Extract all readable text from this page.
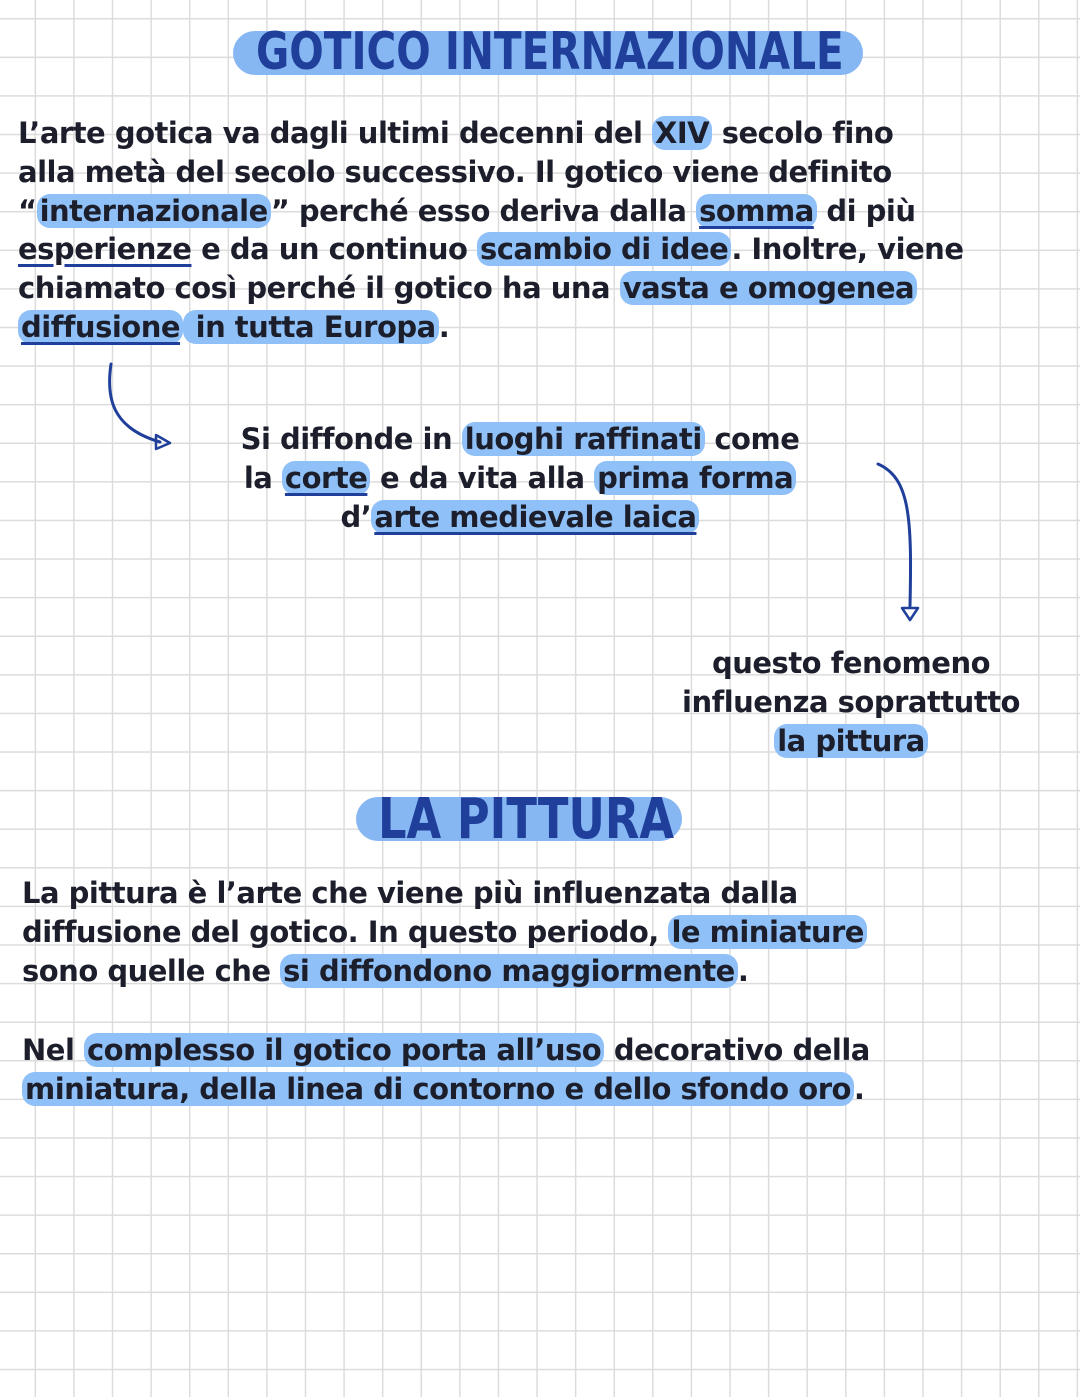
GOTICO INTERNAZIONALE
L’arte gotica va dagli ultimi decenni del XIV secolo fino
alla metà del secolo successivo. Il gotico viene definito
“ internazionale ” perché esso deriva dalla somma di più
esperienze e da un continuo scambio di idee . Inoltre, viene
chiamato così perché il gotico ha una vasta e omogenea
diffusione in tutta Europa .
Si diffonde in luoghi raffinati come
la corte e da vita alla prima forma
d’ arte medievale laica
questo fenomeno
influenza soprattutto
la pittura
LA PITTURA
La pittura è l’arte che viene più influenzata dalla
diffusione del gotico. In questo periodo, le miniature
sono quelle che si diffondono maggiormente .
Nel complesso il gotico porta all’uso decorativo della
miniatura, della linea di contorno e dello sfondo oro .
